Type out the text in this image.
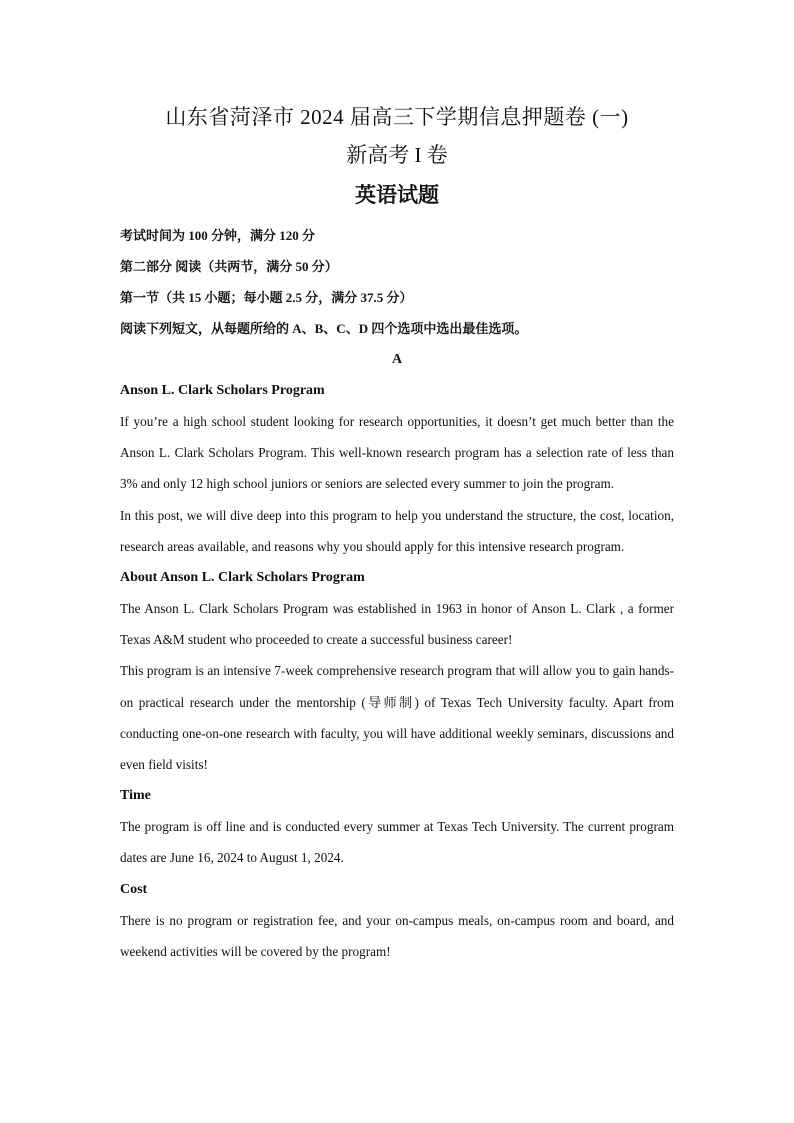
山东省菏泽市 2024 届高三下学期信息押题卷 (一)

新高考 I 卷

英语试题

考试时间为 100 分钟，满分 120 分

第二部分 阅读（共两节，满分 50 分）

第一节（共 15 小题；每小题 2.5 分，满分 37.5 分）

阅读下列短文，从每题所给的 A、B、C、D 四个选项中选出最佳选项。

A

Anson L. Clark Scholars Program

If you’re a high school student looking for research opportunities, it doesn’t get much better than the Anson L. Clark Scholars Program. This well-known research program has a selection rate of less than 3% and only 12 high school juniors or seniors are selected every summer to join the program.

In this post, we will dive deep into this program to help you understand the structure, the cost, location, research areas available, and reasons why you should apply for this intensive research program.

About Anson L. Clark Scholars Program

The Anson L. Clark Scholars Program was established in 1963 in honor of Anson L. Clark , a former Texas A&M student who proceeded to create a successful business career!

This program is an intensive 7-week comprehensive research program that will allow you to gain hands-on practical research under the mentorship (导师制) of Texas Tech University faculty. Apart from conducting one-on-one research with faculty, you will have additional weekly seminars, discussions and even field visits!

Time

The program is off line and is conducted every summer at Texas Tech University. The current program dates are June 16, 2024 to August 1, 2024.

Cost

There is no program or registration fee, and your on-campus meals, on-campus room and board, and weekend activities will be covered by the program!
